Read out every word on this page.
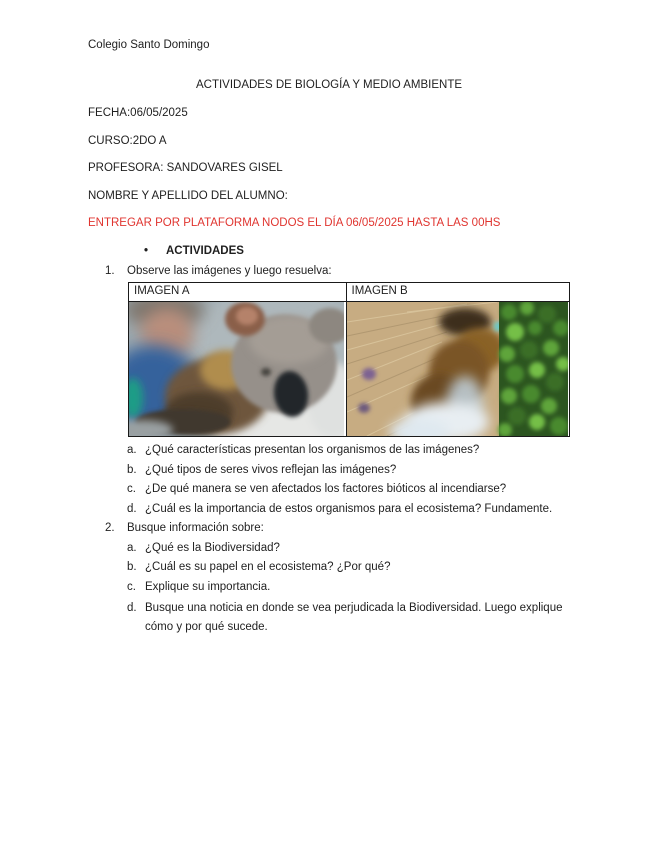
Colegio Santo Domingo

ACTIVIDADES DE BIOLOGÍA Y MEDIO AMBIENTE

FECHA:06/05/2025

CURSO:2DO A

PROFESORA: SANDOVARES GISEL

NOMBRE Y APELLIDO DEL ALUMNO:

ENTREGAR POR PLATAFORMA NODOS EL DÍA 06/05/2025 HASTA LAS 00HS

• ACTIVIDADES
1.	Observe las imágenes y luego resuelva:
IMAGEN A	IMAGEN B

a. ¿Qué características presentan los organismos de las imágenes?
b. ¿Qué tipos de seres vivos reflejan las imágenes?
c. ¿De qué manera se ven afectados los factores bióticos al incendiarse?
d. ¿Cuál es la importancia de estos organismos para el ecosistema? Fundamente.
2.	Busque información sobre:
a. ¿Qué es la Biodiversidad?
b. ¿Cuál es su papel en el ecosistema? ¿Por qué?
c. Explique su importancia.
d. Busque una noticia en donde se vea perjudicada la Biodiversidad. Luego explique cómo y por qué sucede.
